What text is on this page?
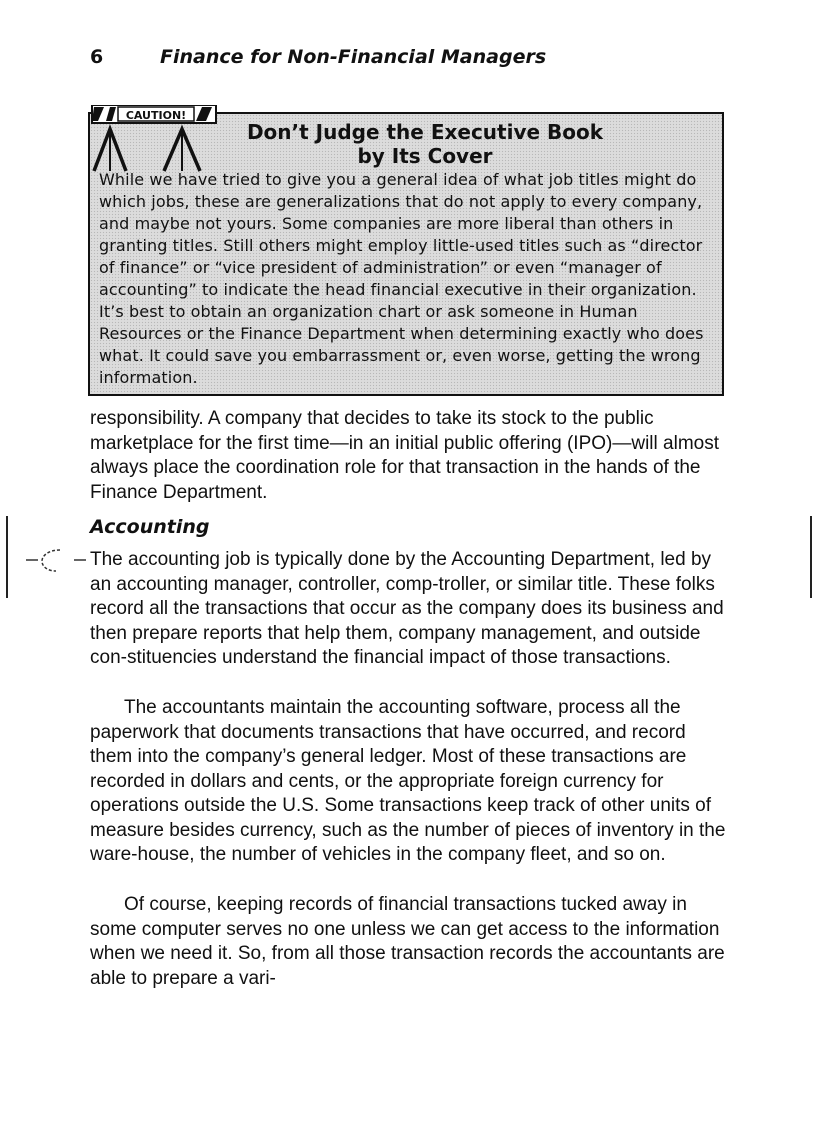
6	Finance for Non-Financial Managers
CAUTION!
Don’t Judge the Executive Book by Its Cover

While we have tried to give you a general idea of what job titles might do which jobs, these are generalizations that do not apply to every company, and maybe not yours. Some companies are more liberal than others in granting titles. Still others might employ little-used titles such as “director of finance” or “vice president of administration” or even “manager of accounting” to indicate the head financial executive in their organization. It’s best to obtain an organization chart or ask someone in Human Resources or the Finance Department when determining exactly who does what. It could save you embarrassment or, even worse, getting the wrong information.

responsibility. A company that decides to take its stock to the public marketplace for the first time—in an initial public offering (IPO)—will almost always place the coordination role for that transaction in the hands of the Finance Department.

Accounting

The accounting job is typically done by the Accounting Department, led by an accounting manager, controller, comp-troller, or similar title. These folks record all the transactions that occur as the company does its business and then prepare reports that help them, company management, and outside con-stituencies understand the financial impact of those transactions.

The accountants maintain the accounting software, process all the paperwork that documents transactions that have occurred, and record them into the company’s general ledger. Most of these transactions are recorded in dollars and cents, or the appropriate foreign currency for operations outside the U.S. Some transactions keep track of other units of measure besides currency, such as the number of pieces of inventory in the ware-house, the number of vehicles in the company fleet, and so on.

Of course, keeping records of financial transactions tucked away in some computer serves no one unless we can get access to the information when we need it. So, from all those transaction records the accountants are able to prepare a vari-
